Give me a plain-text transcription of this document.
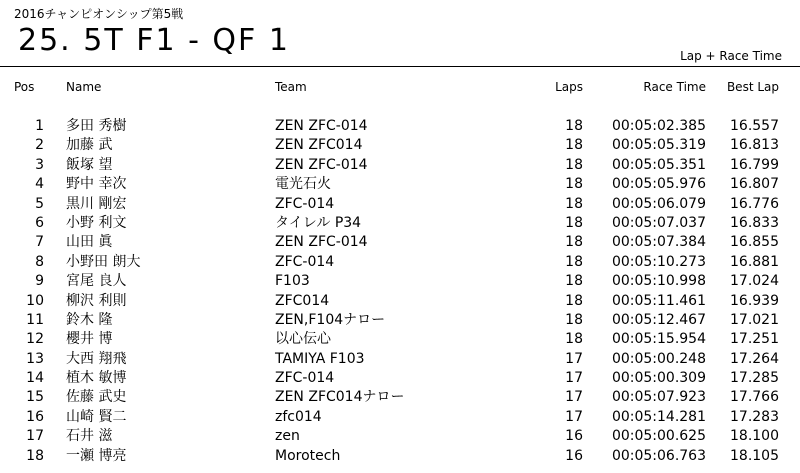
2016チャンピオンシップ第5戦
25. 5T F1 - QF 1	Lap + Race Time
Pos	Name	Team	Laps	Race Time	Best Lap
1 多田 秀樹	ZEN ZFC-014	18	00:05:02.385	16.557
2 加藤 武	ZEN ZFC014	18	00:05:05.319	16.813
3 飯塚 望	ZEN ZFC-014	18	00:05:05.351	16.799
4 野中 幸次	電光石火	18	00:05:05.976	16.807
5 黒川 剛宏	ZFC-014	18	00:05:06.079	16.776
6 小野 利文	タイレル P34	18	00:05:07.037	16.833
7 山田 眞	ZEN ZFC-014	18	00:05:07.384	16.855
8 小野田 朗大	ZFC-014	18	00:05:10.273	16.881
9 宮尾 良人	F103	18	00:05:10.998	17.024
10 柳沢 利則	ZFC014	18	00:05:11.461	16.939
11 鈴木 隆	ZEN,F104ナロー	18	00:05:12.467	17.021
12 櫻井 博	以心伝心	18	00:05:15.954	17.251
13 大西 翔飛	TAMIYA F103	17	00:05:00.248	17.264
14 植木 敏博	ZFC-014	17	00:05:00.309	17.285
15 佐藤 武史	ZEN ZFC014ナロー	17	00:05:07.923	17.766
16 山崎 賢二	zfc014	17	00:05:14.281	17.283
17 石井 滋	zen	16	00:05:00.625	18.100
18 一瀬 博亮	Morotech	16	00:05:06.763	18.105
